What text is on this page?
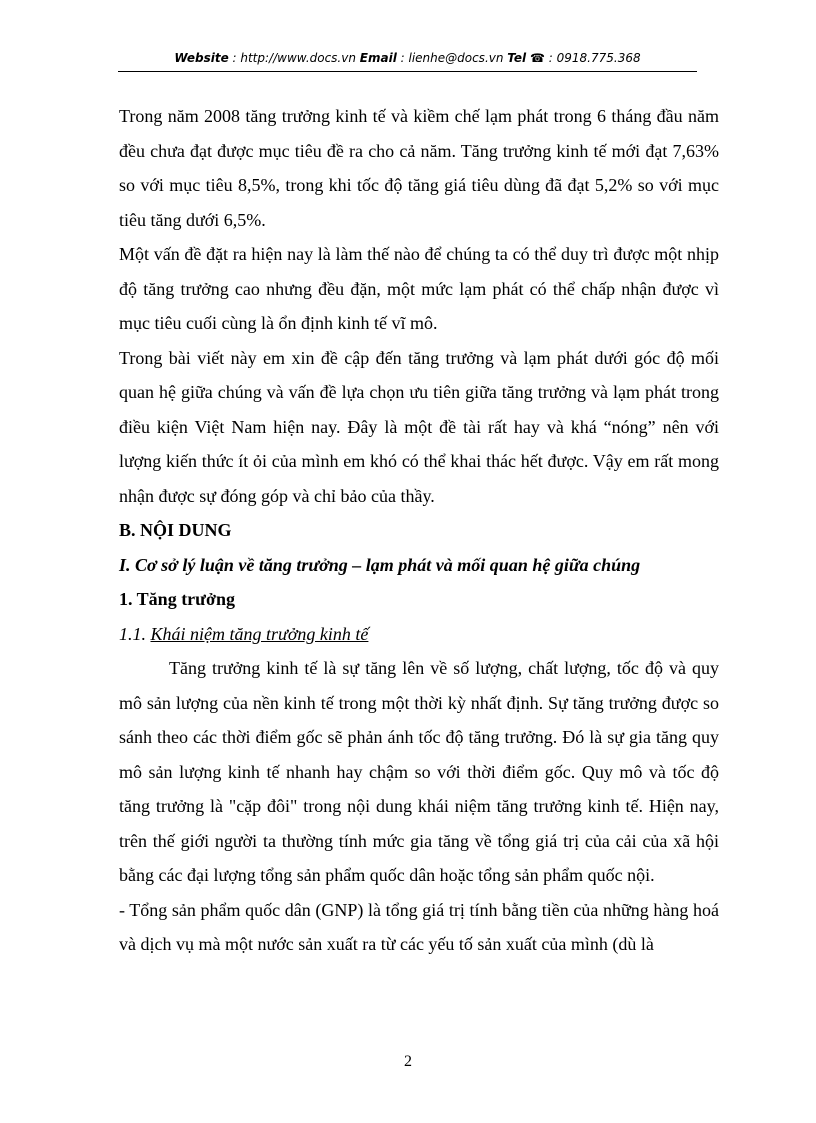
Website : http://www.docs.vn Email : lienhe@docs.vn Tel ☎ : 0918.775.368

Trong năm 2008 tăng trưởng kinh tế và kiềm chế lạm phát trong 6 tháng đầu năm đều chưa đạt được mục tiêu đề ra cho cả năm. Tăng trưởng kinh tế mới đạt 7,63% so với mục tiêu 8,5%, trong khi tốc độ tăng giá tiêu dùng đã đạt 5,2% so với mục tiêu tăng dưới 6,5%.

Một vấn đề đặt ra hiện nay là làm thế nào để chúng ta có thể duy trì được một nhịp độ tăng trưởng cao nhưng đều đặn, một mức lạm phát có thể chấp nhận được vì mục tiêu cuối cùng là ổn định kinh tế vĩ mô.

Trong bài viết này em xin đề cập đến tăng trưởng và lạm phát dưới góc độ mối quan hệ giữa chúng và vấn đề lựa chọn ưu tiên giữa tăng trưởng và lạm phát trong điều kiện Việt Nam hiện nay. Đây là một đề tài rất hay và khá “nóng” nên với lượng kiến thức ít ỏi của mình em khó có thể khai thác hết được. Vậy em rất mong nhận được sự đóng góp và chỉ bảo của thầy.

B. NỘI DUNG

I. Cơ sở lý luận về tăng trưởng – lạm phát và mối quan hệ giữa chúng

1. Tăng trưởng

1.1. Khái niệm tăng trưởng kinh tế

Tăng trưởng kinh tế là sự tăng lên về số lượng, chất lượng, tốc độ và quy mô sản lượng của nền kinh tế trong một thời kỳ nhất định. Sự tăng trưởng được so sánh theo các thời điểm gốc sẽ phản ánh tốc độ tăng trưởng. Đó là sự gia tăng quy mô sản lượng kinh tế nhanh hay chậm so với thời điểm gốc. Quy mô và tốc độ tăng trưởng là "cặp đôi" trong nội dung khái niệm tăng trưởng kinh tế. Hiện nay, trên thế giới người ta thường tính mức gia tăng về tổng giá trị của cải của xã hội bằng các đại lượng tổng sản phẩm quốc dân hoặc tổng sản phẩm quốc nội.

- Tổng sản phẩm quốc dân (GNP) là tổng giá trị tính bằng tiền của những hàng hoá và dịch vụ mà một nước sản xuất ra từ các yếu tố sản xuất của mình (dù là

2
